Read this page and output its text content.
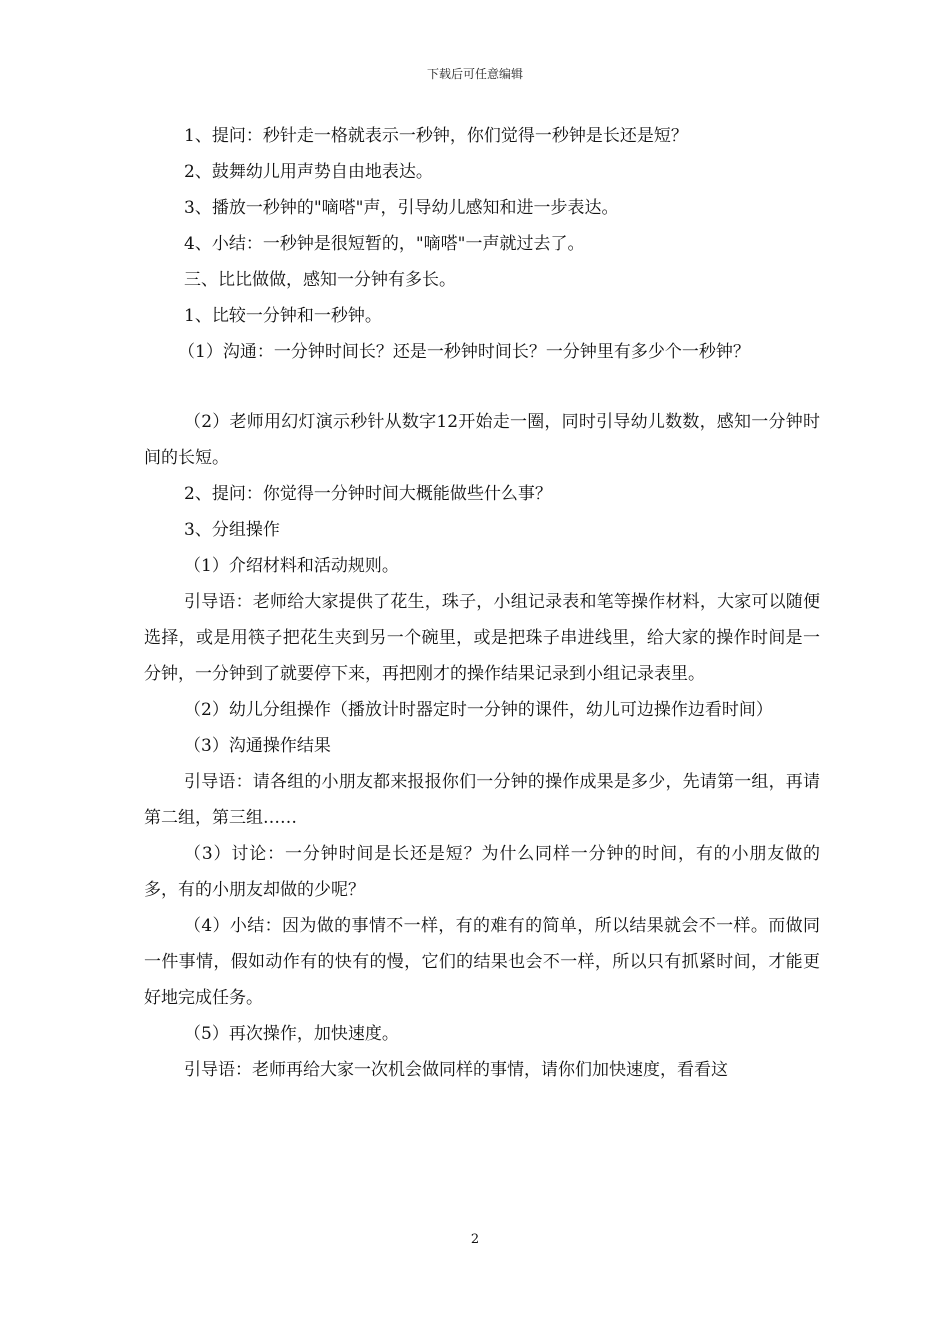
下载后可任意编辑

1、提问：秒针走一格就表示一秒钟，你们觉得一秒钟是长还是短？

2、鼓舞幼儿用声势自由地表达。

3、播放一秒钟的"嘀嗒"声，引导幼儿感知和进一步表达。

4、小结：一秒钟是很短暂的，"嘀嗒"一声就过去了。

三、比比做做，感知一分钟有多长。

1、比较一分钟和一秒钟。

（1）沟通：一分钟时间长？还是一秒钟时间长？一分钟里有多少个一秒钟？

（2）老师用幻灯演示秒针从数字12开始走一圈，同时引导幼儿数数，感知一分钟时间的长短。

2、提问：你觉得一分钟时间大概能做些什么事？

3、分组操作

（1）介绍材料和活动规则。

引导语：老师给大家提供了花生，珠子，小组记录表和笔等操作材料，大家可以随便选择，或是用筷子把花生夹到另一个碗里，或是把珠子串进线里，给大家的操作时间是一分钟，一分钟到了就要停下来，再把刚才的操作结果记录到小组记录表里。

（2）幼儿分组操作（播放计时器定时一分钟的课件，幼儿可边操作边看时间）

（3）沟通操作结果

引导语：请各组的小朋友都来报报你们一分钟的操作成果是多少，先请第一组，再请第二组，第三组……

（3）讨论：一分钟时间是长还是短？为什么同样一分钟的时间，有的小朋友做的多，有的小朋友却做的少呢？

（4）小结：因为做的事情不一样，有的难有的简单，所以结果就会不一样。而做同一件事情，假如动作有的快有的慢，它们的结果也会不一样，所以只有抓紧时间，才能更好地完成任务。

（5）再次操作，加快速度。

引导语：老师再给大家一次机会做同样的事情，请你们加快速度，看看这

2
